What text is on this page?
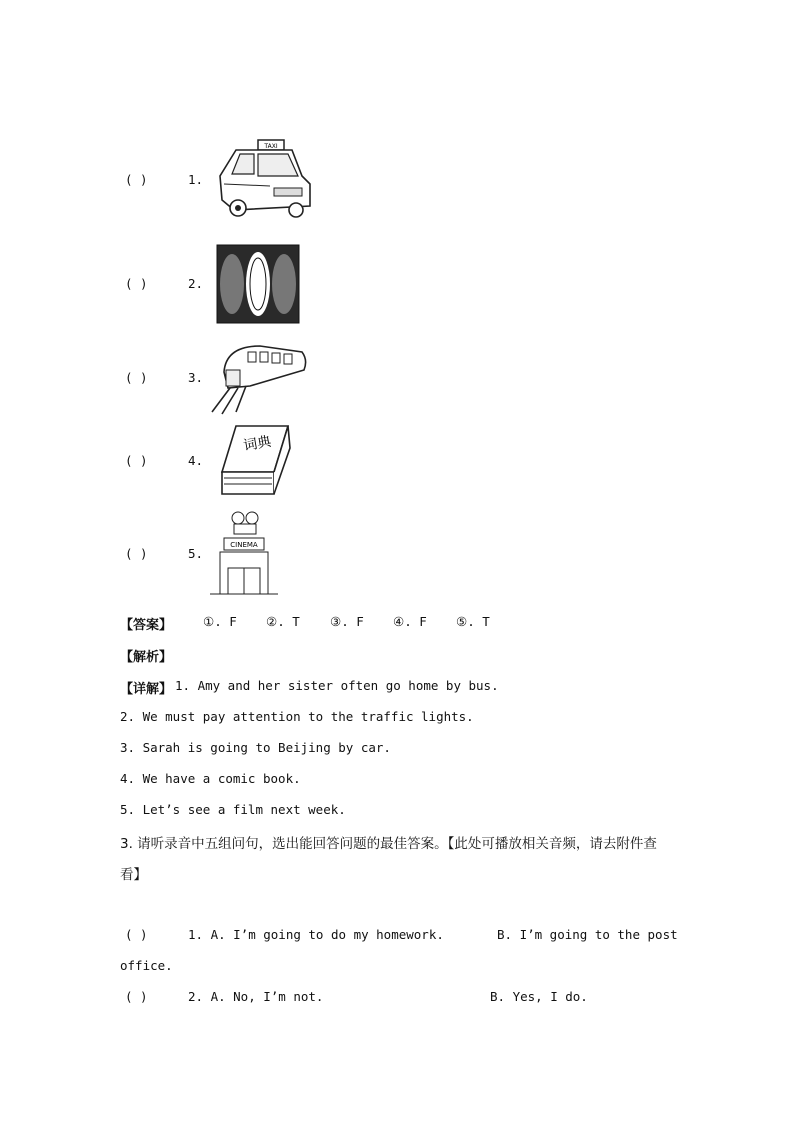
( )	1.
TAXI
( )	2.
( )	3.
( )	4.
词典
( )	5.
CINEMA
【答案】 ①. F ②. T ③. F ④. F ⑤. T
【解析】
【详解】 1. Amy and her sister often go home by bus.
2. We must pay attention to the traffic lights.
3. Sarah is going to Beijing by car.
4. We have a comic book.
5. Let’s see a film next week.
3. 请听录音中五组问句，选出能回答问题的最佳答案。【此处可播放相关音频，请去附件查
看】
( )	1. A. I’m going to do my homework.	B. I’m going to the post
office.
( )	2. A. No, I’m not.	B. Yes, I do.
